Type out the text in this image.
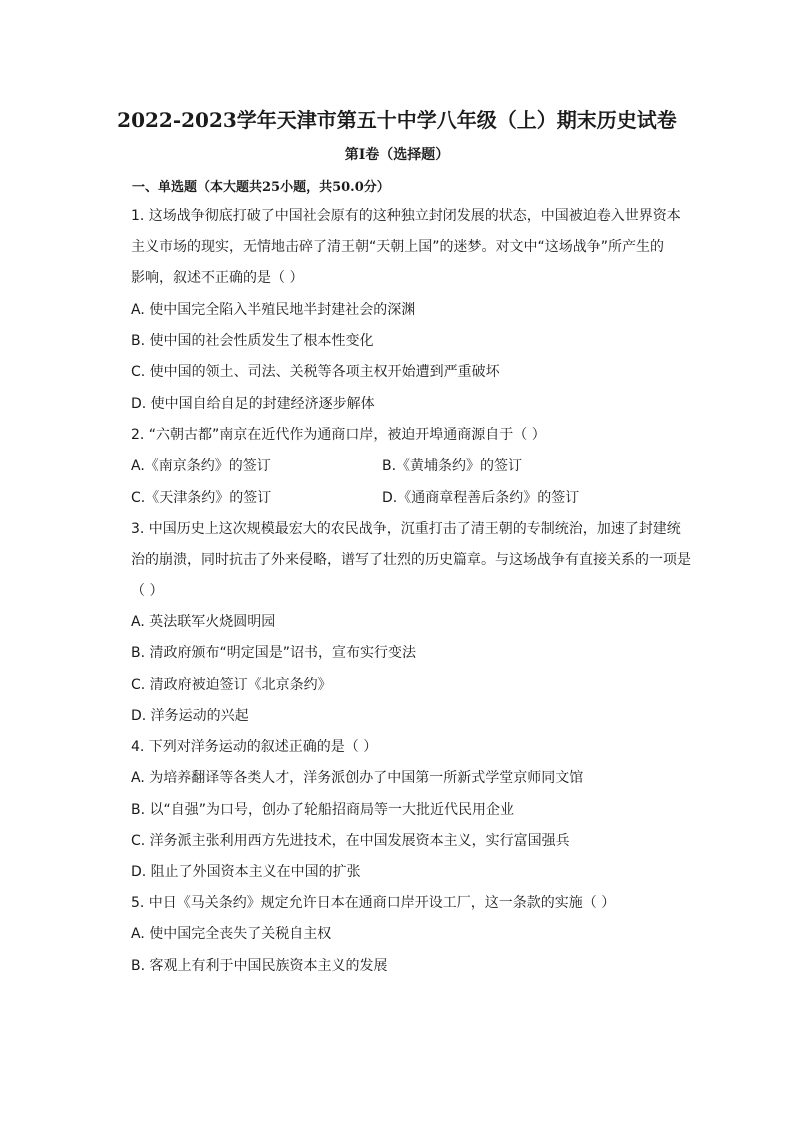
2022-2023学年天津市第五十中学八年级（上）期末历史试卷
第Ⅰ卷（选择题）
一、单选题（本大题共25小题，共50.0分）
1. 这场战争彻底打破了中国社会原有的这种独立封闭发展的状态，中国被迫卷入世界资本
主义市场的现实，无情地击碎了清王朝“天朝上国”的迷梦。对文中“这场战争”所产生的
影响，叙述不正确的是（ ）
A. 使中国完全陷入半殖民地半封建社会的深渊
B. 使中国的社会性质发生了根本性变化
C. 使中国的领土、司法、关税等各项主权开始遭到严重破坏
D. 使中国自给自足的封建经济逐步解体
2. “六朝古都”南京在近代作为通商口岸，被迫开埠通商源自于（ ）
A.《南京条约》的签订	B.《黄埔条约》的签订
C.《天津条约》的签订	D.《通商章程善后条约》的签订
3. 中国历史上这次规模最宏大的农民战争，沉重打击了清王朝的专制统治，加速了封建统
治的崩溃，同时抗击了外来侵略，谱写了壮烈的历史篇章。与这场战争有直接关系的一项是
（ ）
A. 英法联军火烧圆明园
B. 清政府颁布“明定国是”诏书，宣布实行变法
C. 清政府被迫签订《北京条约》
D. 洋务运动的兴起
4. 下列对洋务运动的叙述正确的是（ ）
A. 为培养翻译等各类人才，洋务派创办了中国第一所新式学堂京师同文馆
B. 以“自强”为口号，创办了轮船招商局等一大批近代民用企业
C. 洋务派主张利用西方先进技术，在中国发展资本主义，实行富国强兵
D. 阻止了外国资本主义在中国的扩张
5. 中日《马关条约》规定允许日本在通商口岸开设工厂，这一条款的实施（ ）
A. 使中国完全丧失了关税自主权
B. 客观上有利于中国民族资本主义的发展
